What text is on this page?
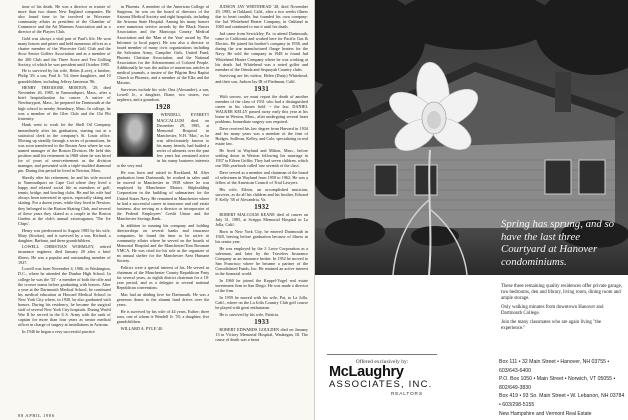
time of his death. He was a director or trustee of more than two dozen New England companies. He also found time to be involved in Worcester community affairs as president of the Chamber of Commerce and the Art Museum Association and as a director of the Players Club.

Gold was always a vital part of Paul's life. He won many honors and prizes and held numerous offices as a charter member of the Worcester Golf Club and the Stow Senior Golfers Association and as a member of the 200 Club and the Three Score and Ten Golfing Society, of which he was president until October 1985.

He is survived by his wife, Helen (Love), a brother, Philip '29, a son, Paul Jr. '54, three daughters, and 10 grandchildren, including Jeffrey Jamieson '86.

HENRY THEODORE MORTON, '29, died November 26, 1985, in Yarmouthport, Mass., after a brief hospitalization for cancer. A native of Newburyport, Mass., he prepared for Dartmouth at the high school in nearby Amesbury, Mass. In college, he was a member of the Glee Club and the Chi Phi fraternity.

Hank went to work for the Shell Oil Company immediately after his graduation, starting out at a statistical clerk in the company's St. Louis office. Moving up steadily through a series of promotions, he was soon transferred to the Boston Area where he was named manager of the Boston Division. He held this position until his retirement in 1968 when he was hired for of years of semi-retirement as the division manager, and presented with a triple-studded diamond pin. During this period he lived in Newton, Mass.

Shortly after his retirement, he and his wife moved to Yarmouthport on Cape Cod where they lived a happy and relaxed social life as members of golf, tennis, bridge, and bowling clubs. He and his wife had always been interested in sports, especially skiing and skating. For a dozen years, while they lived in Newton, they belonged to the Boston Skating Club, and several of these years they skated as a couple in the Boston Garden at the club's annual extravaganza, 'The Ice Chips'.

Henry was predeceased in August 1985 by his wife, Mary (Stocker), and is survived by a son, Richard, a daughter, Barbara, and three grandchildren.

LOWELL CHRISTIAN WORMLEY, retired insurance engineer, died January 29 after a brief illness. He was a popular and outstanding member of 1927.

Lowell was born November 4, 1906, in Washington, D.C., where he attended the Dunbar High School. In college he was the '33' - a member of both the rifle and the crosser teams before graduating with honors. After a year at the Dartmouth Medical School, he continued his medical education at Howard Medical School in New York City where, in 1930, he also graduated with honors. During his residency, he became the surgical staff of several New York City hospitals. During World War II he served in the U.S. Army with the rank of captain for more than four years as senior medical officer in charge of surgery at installations in Arizona.

In 1946 he began a very successful practice

in Phoenix. A member of the American College of Surgeons, he was on the board of directors of the Arizona Medical Society and eight hospitals, including the Arizona State Hospital. Among his many honors were numerous service awards by the Black Nurses Association and the Maricopa County Medical Association and the 'Man of the Year' award by The Informer (a local paper). He was also a director or board member of many civic organizations including the Salvation Army, Campfire Girls, United Fund, Phoenix Christian Association, and the National Association for the Advancement of Colored People. Additionally he was the author of numerous articles in medical journals, a trustee of the Pilgrim Rest Baptist Church in Phoenix, and a member of the Elks and the Masons.

Survivors include his wife, Ona (Alexander), a son, Lowell Jr., a daughter, Diane, two sisters, two nephews, and a grandson.

1928

WENDELL EVERETT MACCALLUM died on December 29, 1985, at Memorial Hospital in Manchester, N.H. 'Mac,' as he was affectionately known to his many friends, had battled a series of ailments over the past few years but remained active in his many business interests to the very end.

He was born and raised in Rockland, M. After graduation from Dartmouth, he worked in sales until he moved to Manchester in 1938 where he was employed by Manchester Motors. Shipbuilding Corporation in the building of submarines for the United States Navy. He remained in Manchester where he had a successful career in insurance and real estate business, also serving as a director or incorporator of the Federal Employees' Credit Union and the Manchester Savings Bank.

In addition to running his company and holding directorships on several banks and insurance companies, he found the time to be active in community affairs where he served on the boards of Memorial Hospital and the Manchester/Tom Bowman YMCA. He was cited for his role as the organizer of an annual shelter for the Manchester Area Humane Society.

Politics were a special interest of his. He served as chairman of the Manchester County Republican Party for several years, as eighth district chairman for a 10-year period, and as a delegate to several national Republican conventions.

Mac had an abiding love for Dartmouth. He was a generous donor to the alumni fund drives over the years.

He is survived by his wife of 44 years, Esther; three sons, one of whom is Wendell Jr. '55; a daughter; five grandchildren.

WILLARD A. PYLE '40

JUDSON JAY WHITEHEAD '28, died November 29, 1985, in Oakland, Calif., after a two weeks illness due to heart trouble, but founded his own company: the Jud Whitehead Heater Company, in Oakland in 1940 and continued to run it until his death.

Jud came from Sewickley, Pa. to attend Dartmouth, came to California and worked here for Pacific Gas & Electric. He joined his brother's company in 1938, and during the war manufactured flange heaters for the Navy. He sold the company in 1948 to found Jud Whitehead Heater Company where he was working at his death. Jud Whitehead was a noted golfer and member of the Orinda and Sequoyah Country clubs.

Surviving are his widow, Helen (Dutty) Whitehead, and their son, Judson Jay III of Piedmont, Calif.

1931

With sorrow, we must report the death of another member of the class of 1931 who had a distinguished career in his chosen field -- the law. DANIEL WALKER KELLY passed away early this year at his home in Weston, Mass., after undergoing several heart problems. Immediate surgery was required.

Dave received his law degree from Harvard in 1934 and for many years was a member of the firm of Hodges, Sullivan, Kelley, and Cole, specializing in real estate law.

He lived in Wayland and Milton, Mass., before settling down in Weston following his marriage in 1937 to Eileen Griffin. They had seven children, which our 50th yearbook called 'one seventh of the class'.

Dave served as a member and chairman of the board of selectmen in Wayland from 1950 to 1962. He was a fellow of the American Council of Trial Lawyers.

His wife, Eileen, an accomplished musician, survives, as do all his children and his brother, Edward F. Kelly '38 of Alexandria, Va.

1932

ROBERT MALCOLM KEANE died of cancer on July 31, 1985, at Scripps Memorial Hospital in La Jolla, Calif.

Born in New York City, he entered Dartmouth in 1928, leaving before graduation because of illness in his senior year.

He was employed by the J. Lowe Corporation as a salesman, and later by the Travelers Insurance Company as an insurance broker. In 1952 he moved to San Francisco where he became a partner of the Consolidated Funds, Inc. He retained an active interest in the financial world.

In 1960 he joined the Keppel-Vogel real estate investment firm in San Diego. He was made a director of the firm.

In 1959 he moved with his wife, Pat, to La Jolla. Calif., where on the La Jolla Country Club golf course he played with great enthusiasm.

He is survived by his wife, Patricia.

1933

ROBERT EDWARDS GOULDEN died on January 13 in Victory Memorial Hospital, Waukegan, Ill. The cause of death was a heart

88 APRIL 1986
Spring has sprung, and so have the last three Courtyard at Hanover condominiums.

These three remaining quality residences offer private garage, two bedrooms, den and library, living room, dining room and ample storage.

Only walking minutes from downtown Hanover and Dartmouth College.

Join the many classmates who are again living "the experience."

Offered exclusively by:
McLaughry
ASSOCIATES, INC.
REALTORS
Box 111 • 32 Main Street • Hanover, NH 03755 • 603/643-6400
P.O. Box 1050 • Main Street • Norwich, VT 05055 • 802/649-3830
Box 419 • 93 So. Main Street • W. Lebanon, NH 03784 • 603/298-5155
New Hampshire and Vermont Real Estate
